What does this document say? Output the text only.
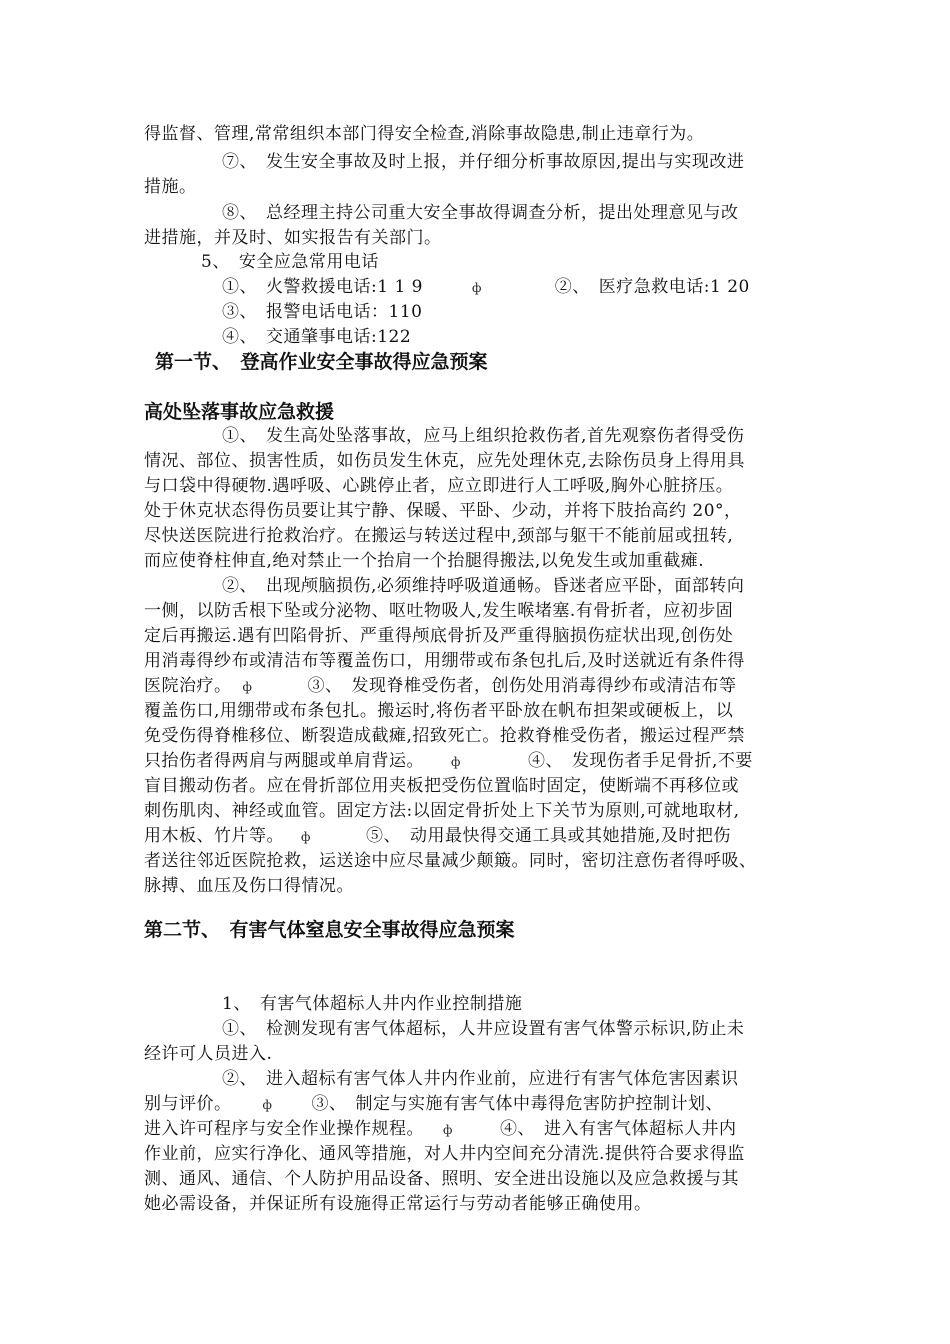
得监督、管理,常常组织本部门得安全检查,消除事故隐患,制止违章行为。
⑦、　发生安全事故及时上报，并仔细分析事故原因,提出与实现改进
措施。
⑧、　总经理主持公司重大安全事故得调查分析，提出处理意见与改
进措施，并及时、如实报告有关部门。
5、　安全应急常用电话
①、　火警救援电话:1 1 9	ф	②、　医疗急救电话:1 20
③、　报警电话电话：110
④、　交通肇事电话:122
第一节、　登高作业安全事故得应急预案
高处坠落事故应急救援
①、　发生高处坠落事故，应马上组织抢救伤者,首先观察伤者得受伤
情况、部位、损害性质，如伤员发生休克，应先处理休克,去除伤员身上得用具
与口袋中得硬物.遇呼吸、心跳停止者，应立即进行人工呼吸,胸外心脏挤压。
处于休克状态得伤员要让其宁静、保暖、平卧、少动，并将下肢抬高约 20°，
尽快送医院进行抢救治疗。在搬运与转送过程中,颈部与躯干不能前屈或扭转,
而应使脊柱伸直,绝对禁止一个抬肩一个抬腿得搬法,以免发生或加重截瘫.
②、　出现颅脑损伤,必须维持呼吸道通畅。昏迷者应平卧，面部转向
一侧，以防舌根下坠或分泌物、呕吐物吸人,发生喉堵塞.有骨折者，应初步固
定后再搬运.遇有凹陷骨折、严重得颅底骨折及严重得脑损伤症状出现,创伤处
用消毒得纱布或清洁布等覆盖伤口，用绷带或布条包扎后,及时送就近有条件得
医院治疗。 ф	③、　发现脊椎受伤者，创伤处用消毒得纱布或清洁布等
覆盖伤口,用绷带或布条包扎。搬运时,将伤者平卧放在帆布担架或硬板上，以
免受伤得脊椎移位、断裂造成截瘫,招致死亡。抢救脊椎受伤者，搬运过程严禁
只抬伤者得两肩与两腿或单肩背运。 ф	④、　发现伤者手足骨折,不要
盲目搬动伤者。应在骨折部位用夹板把受伤位置临时固定，使断端不再移位或
刺伤肌肉、神经或血管。固定方法:以固定骨折处上下关节为原则,可就地取材,
用木板、竹片等。 ф	⑤、　动用最快得交通工具或其她措施,及时把伤
者送往邻近医院抢救，运送途中应尽量减少颠簸。同时，密切注意伤者得呼吸、
脉搏、血压及伤口得情况。
第二节、　有害气体窒息安全事故得应急预案
1、　有害气体超标人井内作业控制措施
①、　检测发现有害气体超标，人井应设置有害气体警示标识,防止未
经许可人员进入.
②、　进入超标有害气体人井内作业前，应进行有害气体危害因素识
别与评价。	ф ③、　制定与实施有害气体中毒得危害防护控制计划、
进入许可程序与安全作业操作规程。 ф	④、　进入有害气体超标人井内
作业前，应实行净化、通风等措施，对人井内空间充分清洗.提供符合要求得监
测、通风、通信、个人防护用品设备、照明、安全进出设施以及应急救援与其
她必需设备，并保证所有设施得正常运行与劳动者能够正确使用。
